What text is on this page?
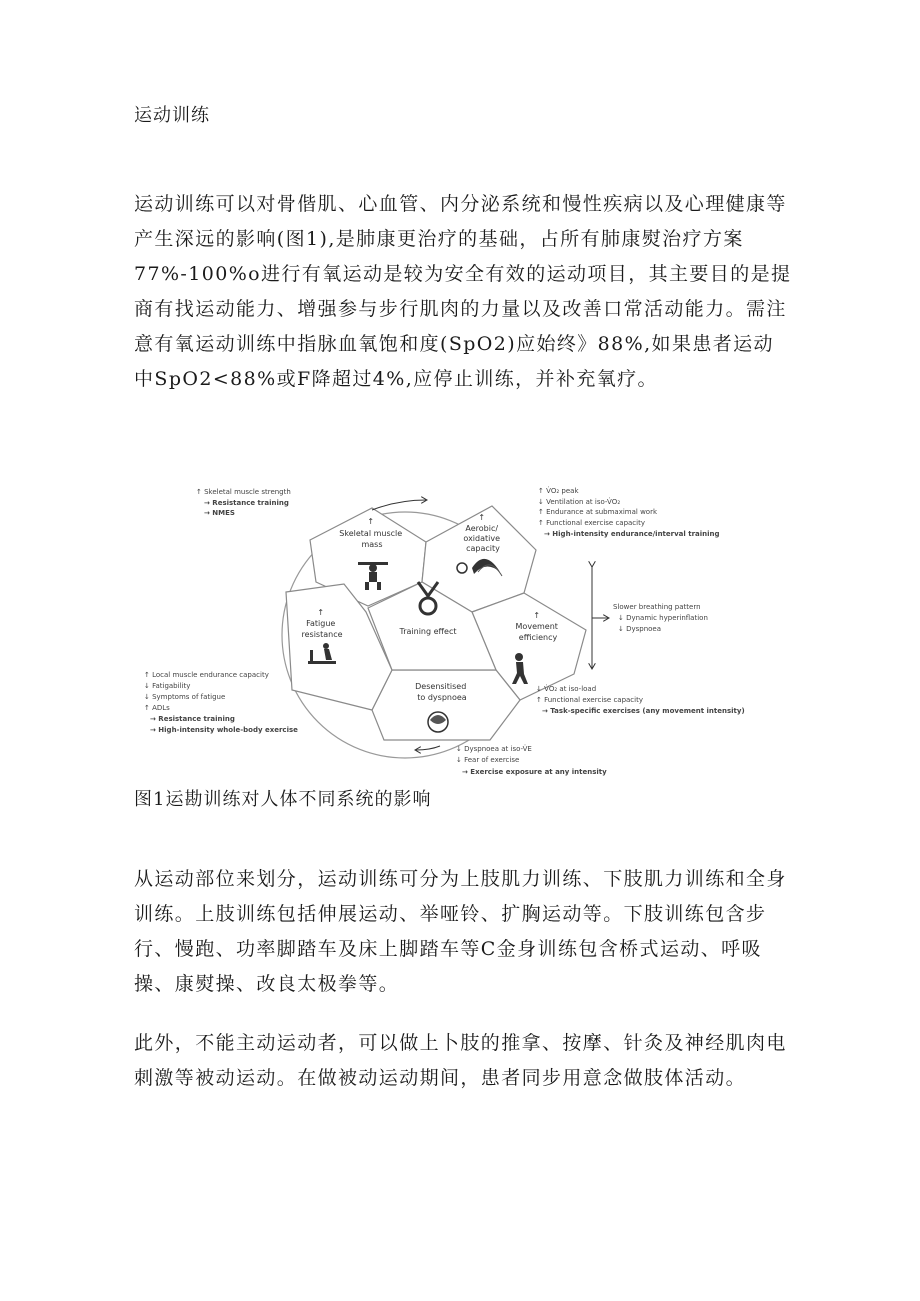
运动训练

运动训练可以对骨偕肌、心血管、内分泌系统和慢性疾病以及心理健康等产生深远的影响(图1),是肺康更治疗的基础，占所有肺康熨治疗方案77%-100%o进行有氧运动是较为安全有效的运动项目，其主要目的是提商有找运动能力、增强参与步行肌肉的力量以及改善口常活动能力。需注意有氧运动训练中指脉血氧饱和度(SpO2)应始终》88%,如果患者运动中SpO2<88%或F降超过4%,应停止训练，并补充氧疗。

↑ Skeletal muscle mass
↑ Aerobic/ oxidative capacity
↑ Movement efficiency
Desensitised to dyspnoea
↑ Fatigue resistance	Training effect
↑ Skeletal muscle strength → Resistance training → NMES
↑ V̇O₂ peak ↓ Ventilation at iso-V̇O₂ ↑ Endurance at submaximal work ↑ Functional exercise capacity → High-intensity endurance/interval training
Slower breathing pattern ↓ Dynamic hyperinflation ↓ Dyspnoea
↓ V̇O₂ at iso-load ↑ Functional exercise capacity → Task-specific exercises (any movement intensity)
↓ Dyspnoea at iso-V̇E ↓ Fear of exercise → Exercise exposure at any intensity
↑ Local muscle endurance capacity ↓ Fatigability ↓ Symptoms of fatigue ↑ ADLs → Resistance training → High-intensity whole-body exercise
图1运勘训练对人体不同系统的影响

从运动部位来划分，运动训练可分为上肢肌力训练、下肢肌力训练和全身训练。上肢训练包括伸展运动、举哑铃、扩胸运动等。下肢训练包含步行、慢跑、功率脚踏车及床上脚踏车等C金身训练包含桥式运动、呼吸操、康熨操、改良太极拳等。

此外，不能主动运动者，可以做上卜肢的推拿、按摩、针灸及神经肌肉电刺激等被动运动。在做被动运动期间，患者同步用意念做肢体活动。
